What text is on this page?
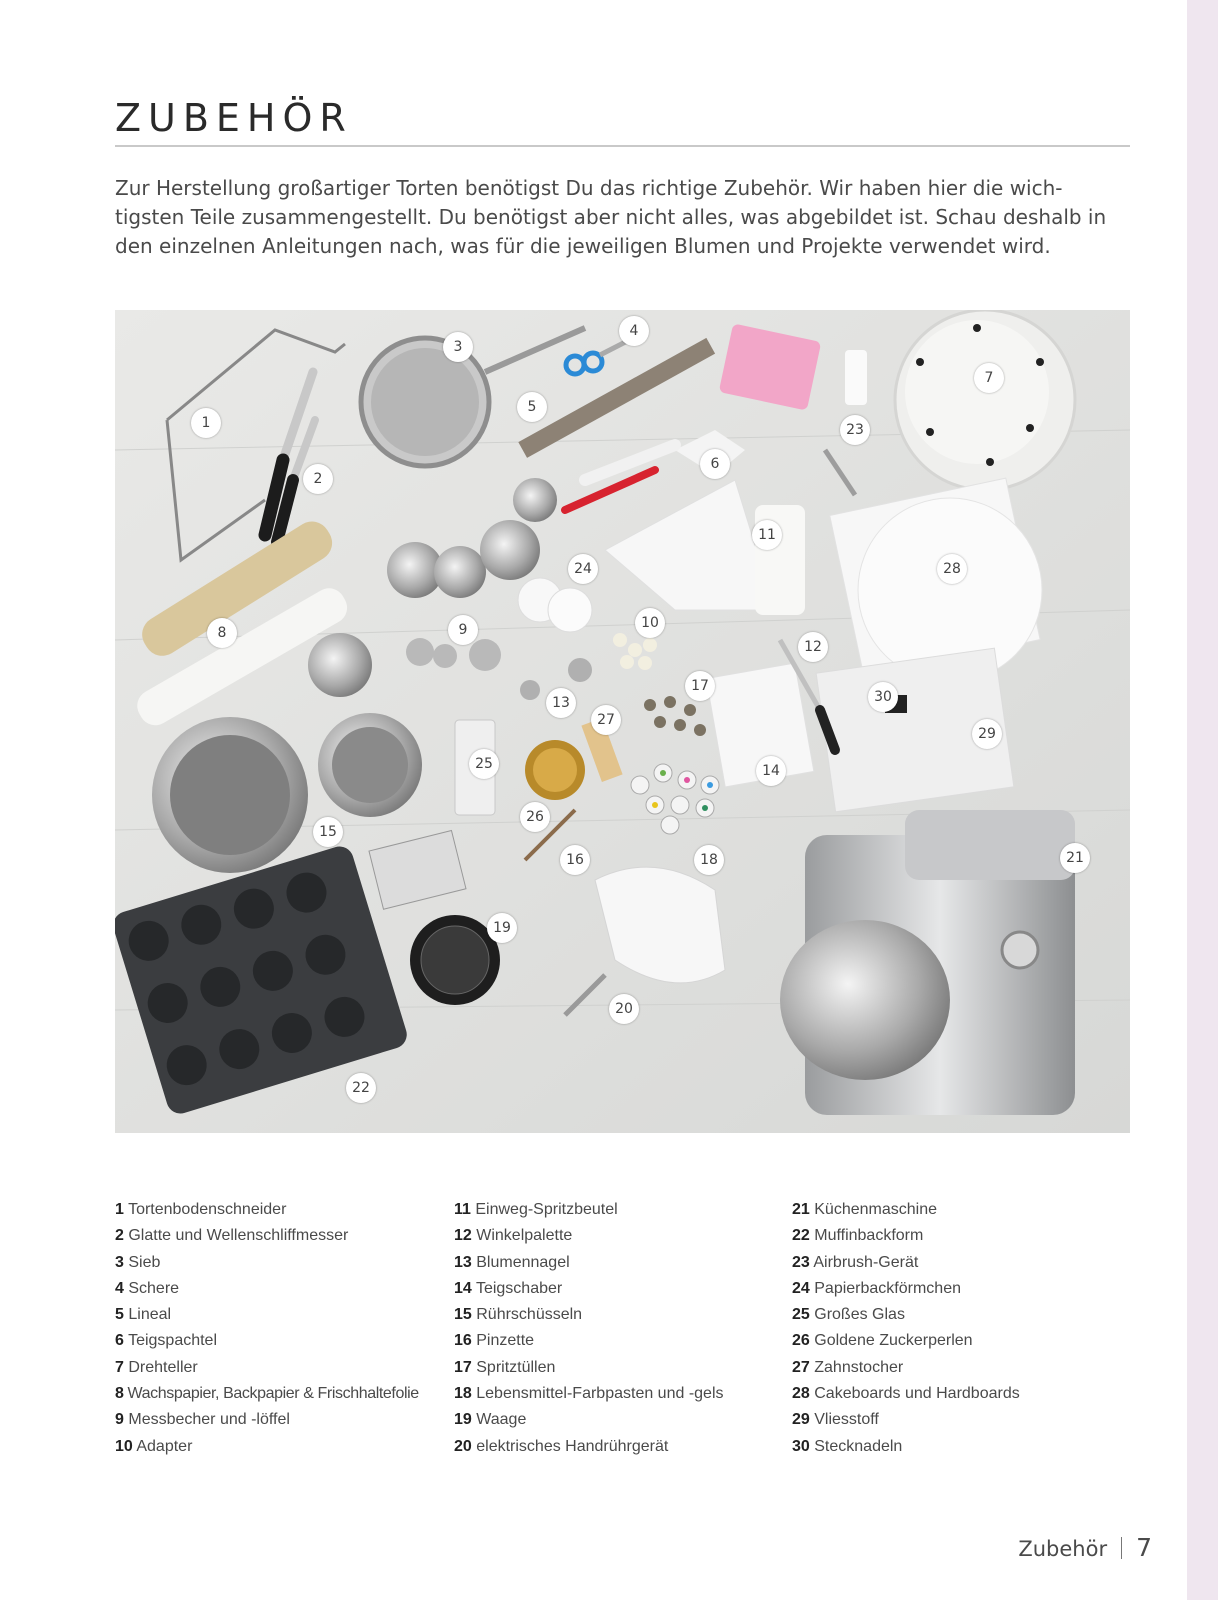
ZUBEHÖR

Zur Herstellung großartiger Torten benötigst Du das richtige Zubehör. Wir haben hier die wich-
tigsten Teile zusammengestellt. Du benötigst aber nicht alles, was abgebildet ist. Schau deshalb in
den einzelnen Anleitungen nach, was für die jeweiligen Blumen und Projekte verwendet wird.

1
2
3
4
5
6
7
8	9	10
11
12
13
14
15
16
17
18
19
20
21
22
23
24
25
26
27
28
29
30
1 Tortenbodenschneider
2 Glatte und Wellenschliffmesser
3 Sieb
4 Schere
5 Lineal
6 Teigspachtel
7 Drehteller
8 Wachspapier, Backpapier & Frischhaltefolie
9 Messbecher und -löffel
10 Adapter
11 Einweg-Spritzbeutel
12 Winkelpalette
13 Blumennagel
14 Teigschaber
15 Rührschüsseln
16 Pinzette
17 Spritztüllen
18 Lebensmittel-Farbpasten und -gels
19 Waage
20 elektrisches Handrührgerät
21 Küchenmaschine
22 Muffinbackform
23 Airbrush-Gerät
24 Papierbackförmchen
25 Großes Glas
26 Goldene Zuckerperlen
27 Zahnstocher
28 Cakeboards und Hardboards
29 Vliesstoff
30 Stecknadeln
Zubehör 7
